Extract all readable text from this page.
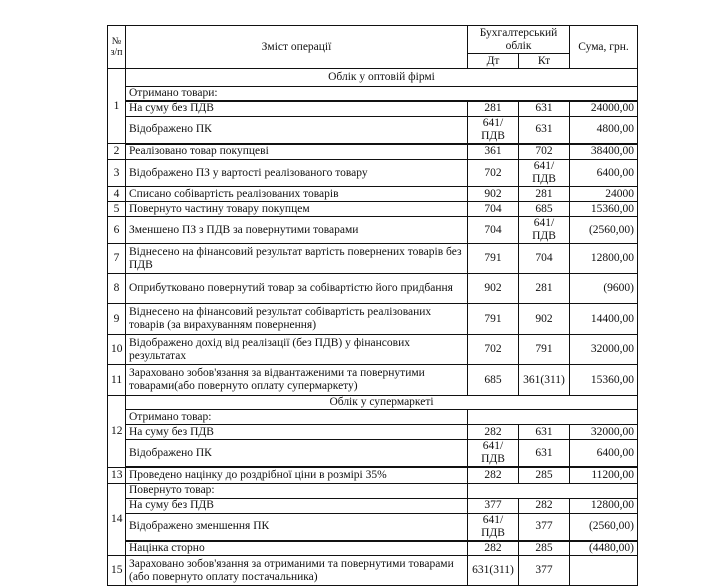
№ з/п	Зміст операції	Бухгалтерський облік		Сума, грн.
		Дт	Кт	
1	Облік у оптовій фірмі			
	Отримано товари:			
	На суму без ПДВ	281	631	24000,00
	Відображено ПК	641/ПДВ	631	4800,00
2	Реалізовано товар покупцеві	361	702	38400,00
3	Відображено ПЗ у вартості реалізованого товару	702	641/ПДВ	6400,00
4	Списано собівартість реалізованих товарів	902	281	24000
5	Повернуто частину товару покупцем	704	685	15360,00
6	Зменшено ПЗ з ПДВ за повернутими товарами	704	641/ПДВ	(2560,00)
7	Віднесено на фінансовий результат вартість повернених товарів без ПДВ	791	704	12800,00
8	Оприбутковано повернутий товар за собівартістю його придбання	902	281	(9600)
9	Віднесено на фінансовий результат собівартість реалізованих товарів (за вирахуванням повернення)	791	902	14400,00
10	Відображено дохід від реалізації (без ПДВ) у фінансових результатах	702	791	32000,00
11	Зараховано зобов'язання за відвантаженими та повернутими товарами(або повернуто оплату супермаркету)	685	361(311)	15360,00
12	Облік у супермаркеті			
	Отримано товар:			
	На суму без ПДВ	282	631	32000,00
	Відображено ПК	641/ПДВ	631	6400,00
13	Проведено націнку до роздрібної ціни в розмірі 35%	282	285	11200,00
14	Повернуто товар:			
	На суму без ПДВ	377	282	12800,00
	Відображено зменшення ПК	641/ПДВ	377	(2560,00)
	Націнка сторно	282	285	(4480,00)
15	Зараховано зобов'язання за отриманими та повернутими товарами (або повернуто оплату постачальника)	631(311)	377	
